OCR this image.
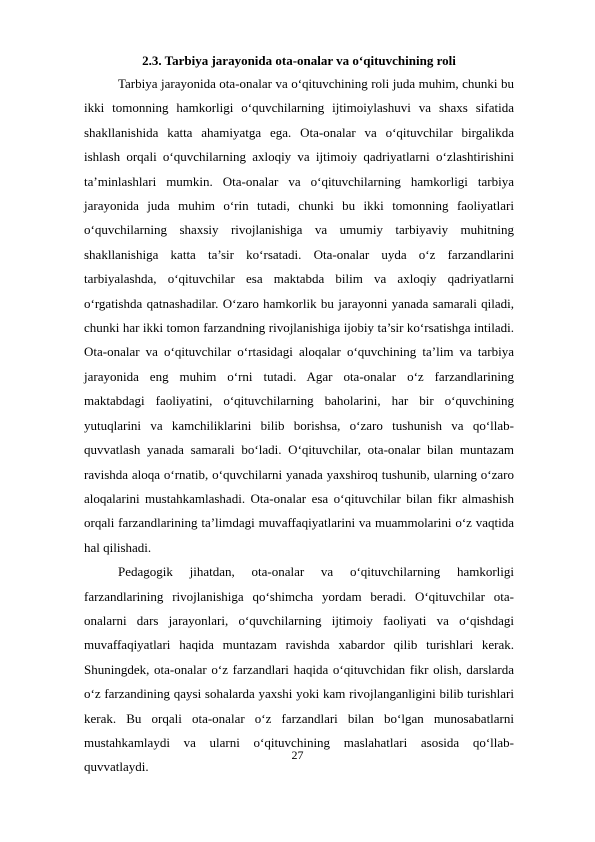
2.3. Tarbiya jarayonida ota-onalar va o‘qituvchining roli

Tarbiya jarayonida ota-onalar va o‘qituvchining roli juda muhim, chunki bu ikki tomonning hamkorligi o‘quvchilarning ijtimoiylashuvi va shaxs sifatida shakllanishida katta ahamiyatga ega. Ota-onalar va o‘qituvchilar birgalikda ishlash orqali o‘quvchilarning axloqiy va ijtimoiy qadriyatlarni o‘zlashtirishini ta’minlashlari mumkin. Ota-onalar va o‘qituvchilarning hamkorligi tarbiya jarayonida juda muhim o‘rin tutadi, chunki bu ikki tomonning faoliyatlari o‘quvchilarning shaxsiy rivojlanishiga va umumiy tarbiyaviy muhitning shakllanishiga katta ta’sir ko‘rsatadi. Ota-onalar uyda o‘z farzandlarini tarbiyalashda, o‘qituvchilar esa maktabda bilim va axloqiy qadriyatlarni o‘rgatishda qatnashadilar. O‘zaro hamkorlik bu jarayonni yanada samarali qiladi, chunki har ikki tomon farzandning rivojlanishiga ijobiy ta’sir ko‘rsatishga intiladi. Ota-onalar va o‘qituvchilar o‘rtasidagi aloqalar o‘quvchining ta’lim va tarbiya jarayonida eng muhim o‘rni tutadi. Agar ota-onalar o‘z farzandlarining maktabdagi faoliyatini, o‘qituvchilarning baholarini, har bir o‘quvchining yutuqlarini va kamchiliklarini bilib borishsa, o‘zaro tushunish va qo‘llab-quvvatlash yanada samarali bo‘ladi. O‘qituvchilar, ota-onalar bilan muntazam ravishda aloqa o‘rnatib, o‘quvchilarni yanada yaxshiroq tushunib, ularning o‘zaro aloqalarini mustahkamlashadi. Ota-onalar esa o‘qituvchilar bilan fikr almashish orqali farzandlarining ta’limdagi muvaffaqiyatlarini va muammolarini o‘z vaqtida hal qilishadi.

Pedagogik jihatdan, ota-onalar va o‘qituvchilarning hamkorligi farzandlarining rivojlanishiga qo‘shimcha yordam beradi. O‘qituvchilar ota-onalarni dars jarayonlari, o‘quvchilarning ijtimoiy faoliyati va o‘qishdagi muvaffaqiyatlari haqida muntazam ravishda xabardor qilib turishlari kerak. Shuningdek, ota-onalar o‘z farzandlari haqida o‘qituvchidan fikr olish, darslarda o‘z farzandining qaysi sohalarda yaxshi yoki kam rivojlanganligini bilib turishlari kerak. Bu orqali ota-onalar o‘z farzandlari bilan bo‘lgan munosabatlarni mustahkamlaydi va ularni o‘qituvchining maslahatlari asosida qo‘llab-quvvatlaydi.

27
